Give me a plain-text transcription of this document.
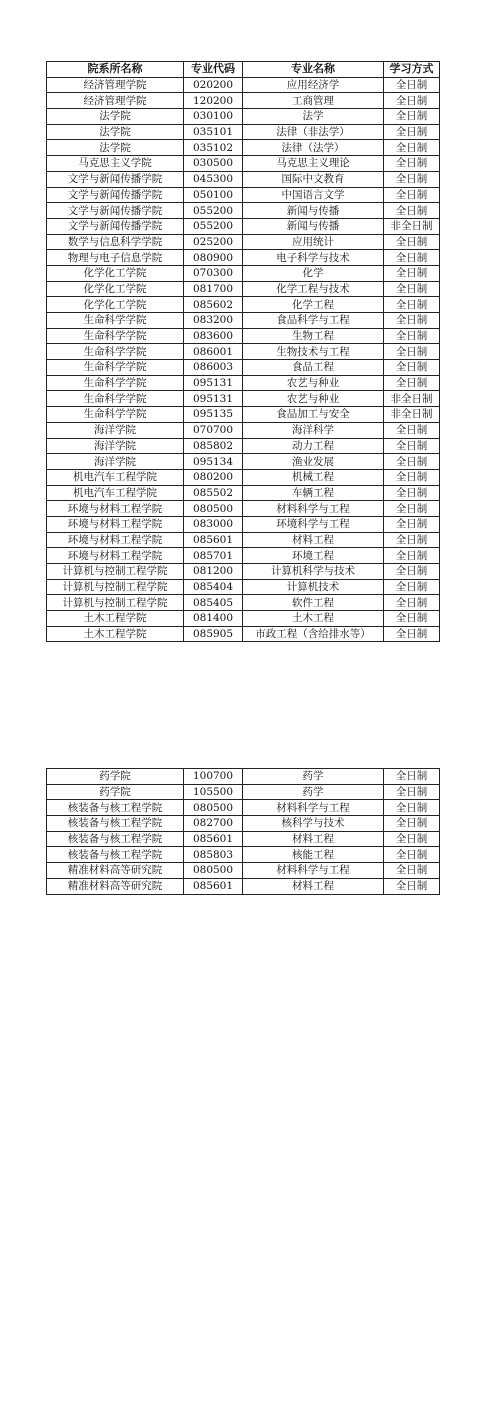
院系所名称	专业代码	专业名称	学习方式
经济管理学院	020200	应用经济学	全日制
经济管理学院	120200	工商管理	全日制
法学院	030100	法学	全日制
法学院	035101	法律（非法学）	全日制
法学院	035102	法律（法学）	全日制
马克思主义学院	030500	马克思主义理论	全日制
文学与新闻传播学院	045300	国际中文教育	全日制
文学与新闻传播学院	050100	中国语言文学	全日制
文学与新闻传播学院	055200	新闻与传播	全日制
文学与新闻传播学院	055200	新闻与传播	非全日制
数学与信息科学学院	025200	应用统计	全日制
物理与电子信息学院	080900	电子科学与技术	全日制
化学化工学院	070300	化学	全日制
化学化工学院	081700	化学工程与技术	全日制
化学化工学院	085602	化学工程	全日制
生命科学学院	083200	食品科学与工程	全日制
生命科学学院	083600	生物工程	全日制
生命科学学院	086001	生物技术与工程	全日制
生命科学学院	086003	食品工程	全日制
生命科学学院	095131	农艺与种业	全日制
生命科学学院	095131	农艺与种业	非全日制
生命科学学院	095135	食品加工与安全	非全日制
海洋学院	070700	海洋科学	全日制
海洋学院	085802	动力工程	全日制
海洋学院	095134	渔业发展	全日制
机电汽车工程学院	080200	机械工程	全日制
机电汽车工程学院	085502	车辆工程	全日制
环境与材料工程学院	080500	材料科学与工程	全日制
环境与材料工程学院	083000	环境科学与工程	全日制
环境与材料工程学院	085601	材料工程	全日制
环境与材料工程学院	085701	环境工程	全日制
计算机与控制工程学院	081200	计算机科学与技术	全日制
计算机与控制工程学院	085404	计算机技术	全日制
计算机与控制工程学院	085405	软件工程	全日制
土木工程学院	081400	土木工程	全日制
土木工程学院	085905	市政工程（含给排水等）	全日制
药学院	100700	药学	全日制
药学院	105500	药学	全日制
核装备与核工程学院	080500	材料科学与工程	全日制
核装备与核工程学院	082700	核科学与技术	全日制
核装备与核工程学院	085601	材料工程	全日制
核装备与核工程学院	085803	核能工程	全日制
精准材料高等研究院	080500	材料科学与工程	全日制
精准材料高等研究院	085601	材料工程	全日制
